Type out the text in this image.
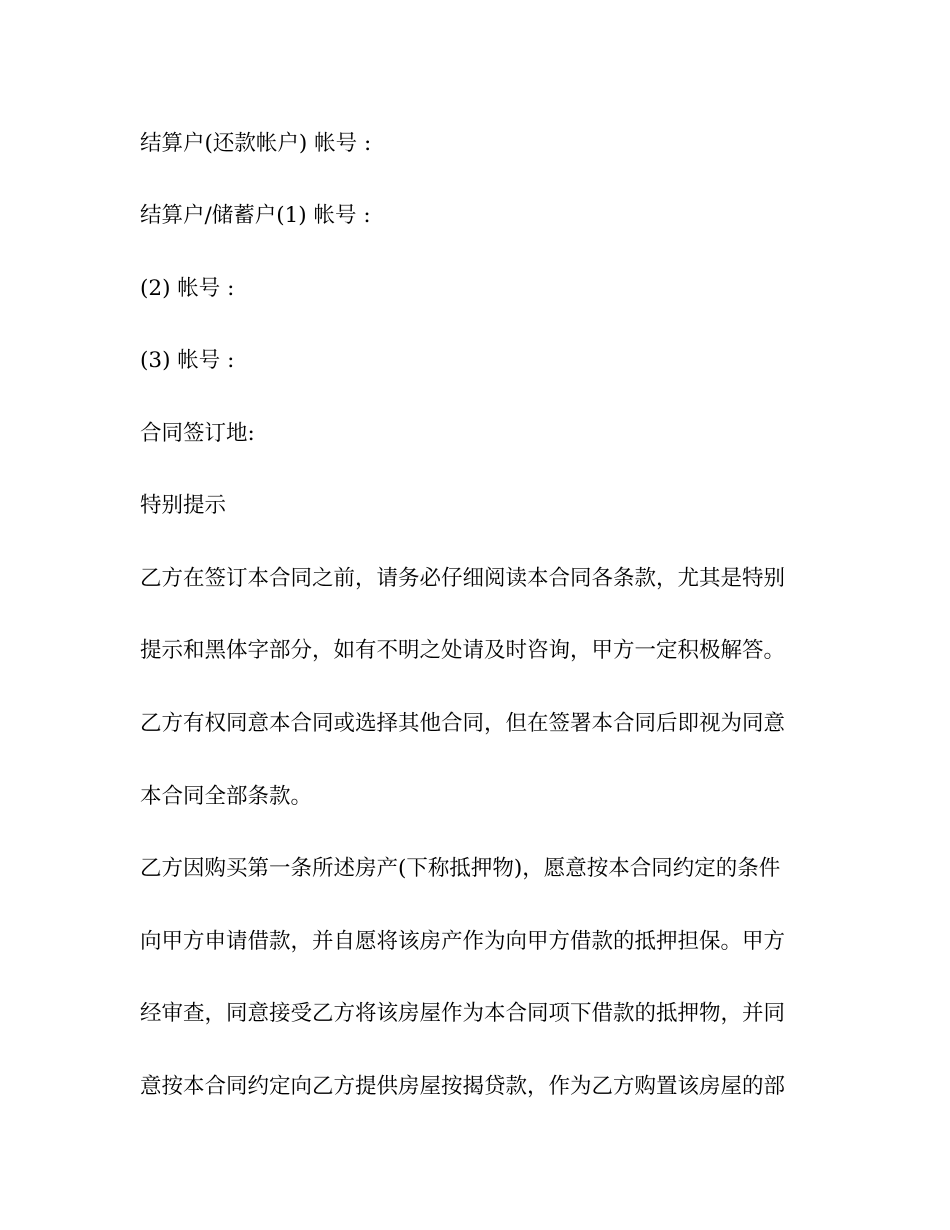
结算户(还款帐户) 帐号 :
结算户/储蓄户(1) 帐号 :
(2) 帐号 :
(3) 帐号 :
合同签订地:
特别提示
乙方在签订本合同之前，请务必仔细阅读本合同各条款，尤其是特别
提示和黑体字部分，如有不明之处请及时咨询，甲方一定积极解答。
乙方有权同意本合同或选择其他合同，但在签署本合同后即视为同意
本合同全部条款。
乙方因购买第一条所述房产(下称抵押物)，愿意按本合同约定的条件
向甲方申请借款，并自愿将该房产作为向甲方借款的抵押担保。甲方
经审查，同意接受乙方将该房屋作为本合同项下借款的抵押物，并同
意按本合同约定向乙方提供房屋按揭贷款，作为乙方购置该房屋的部
